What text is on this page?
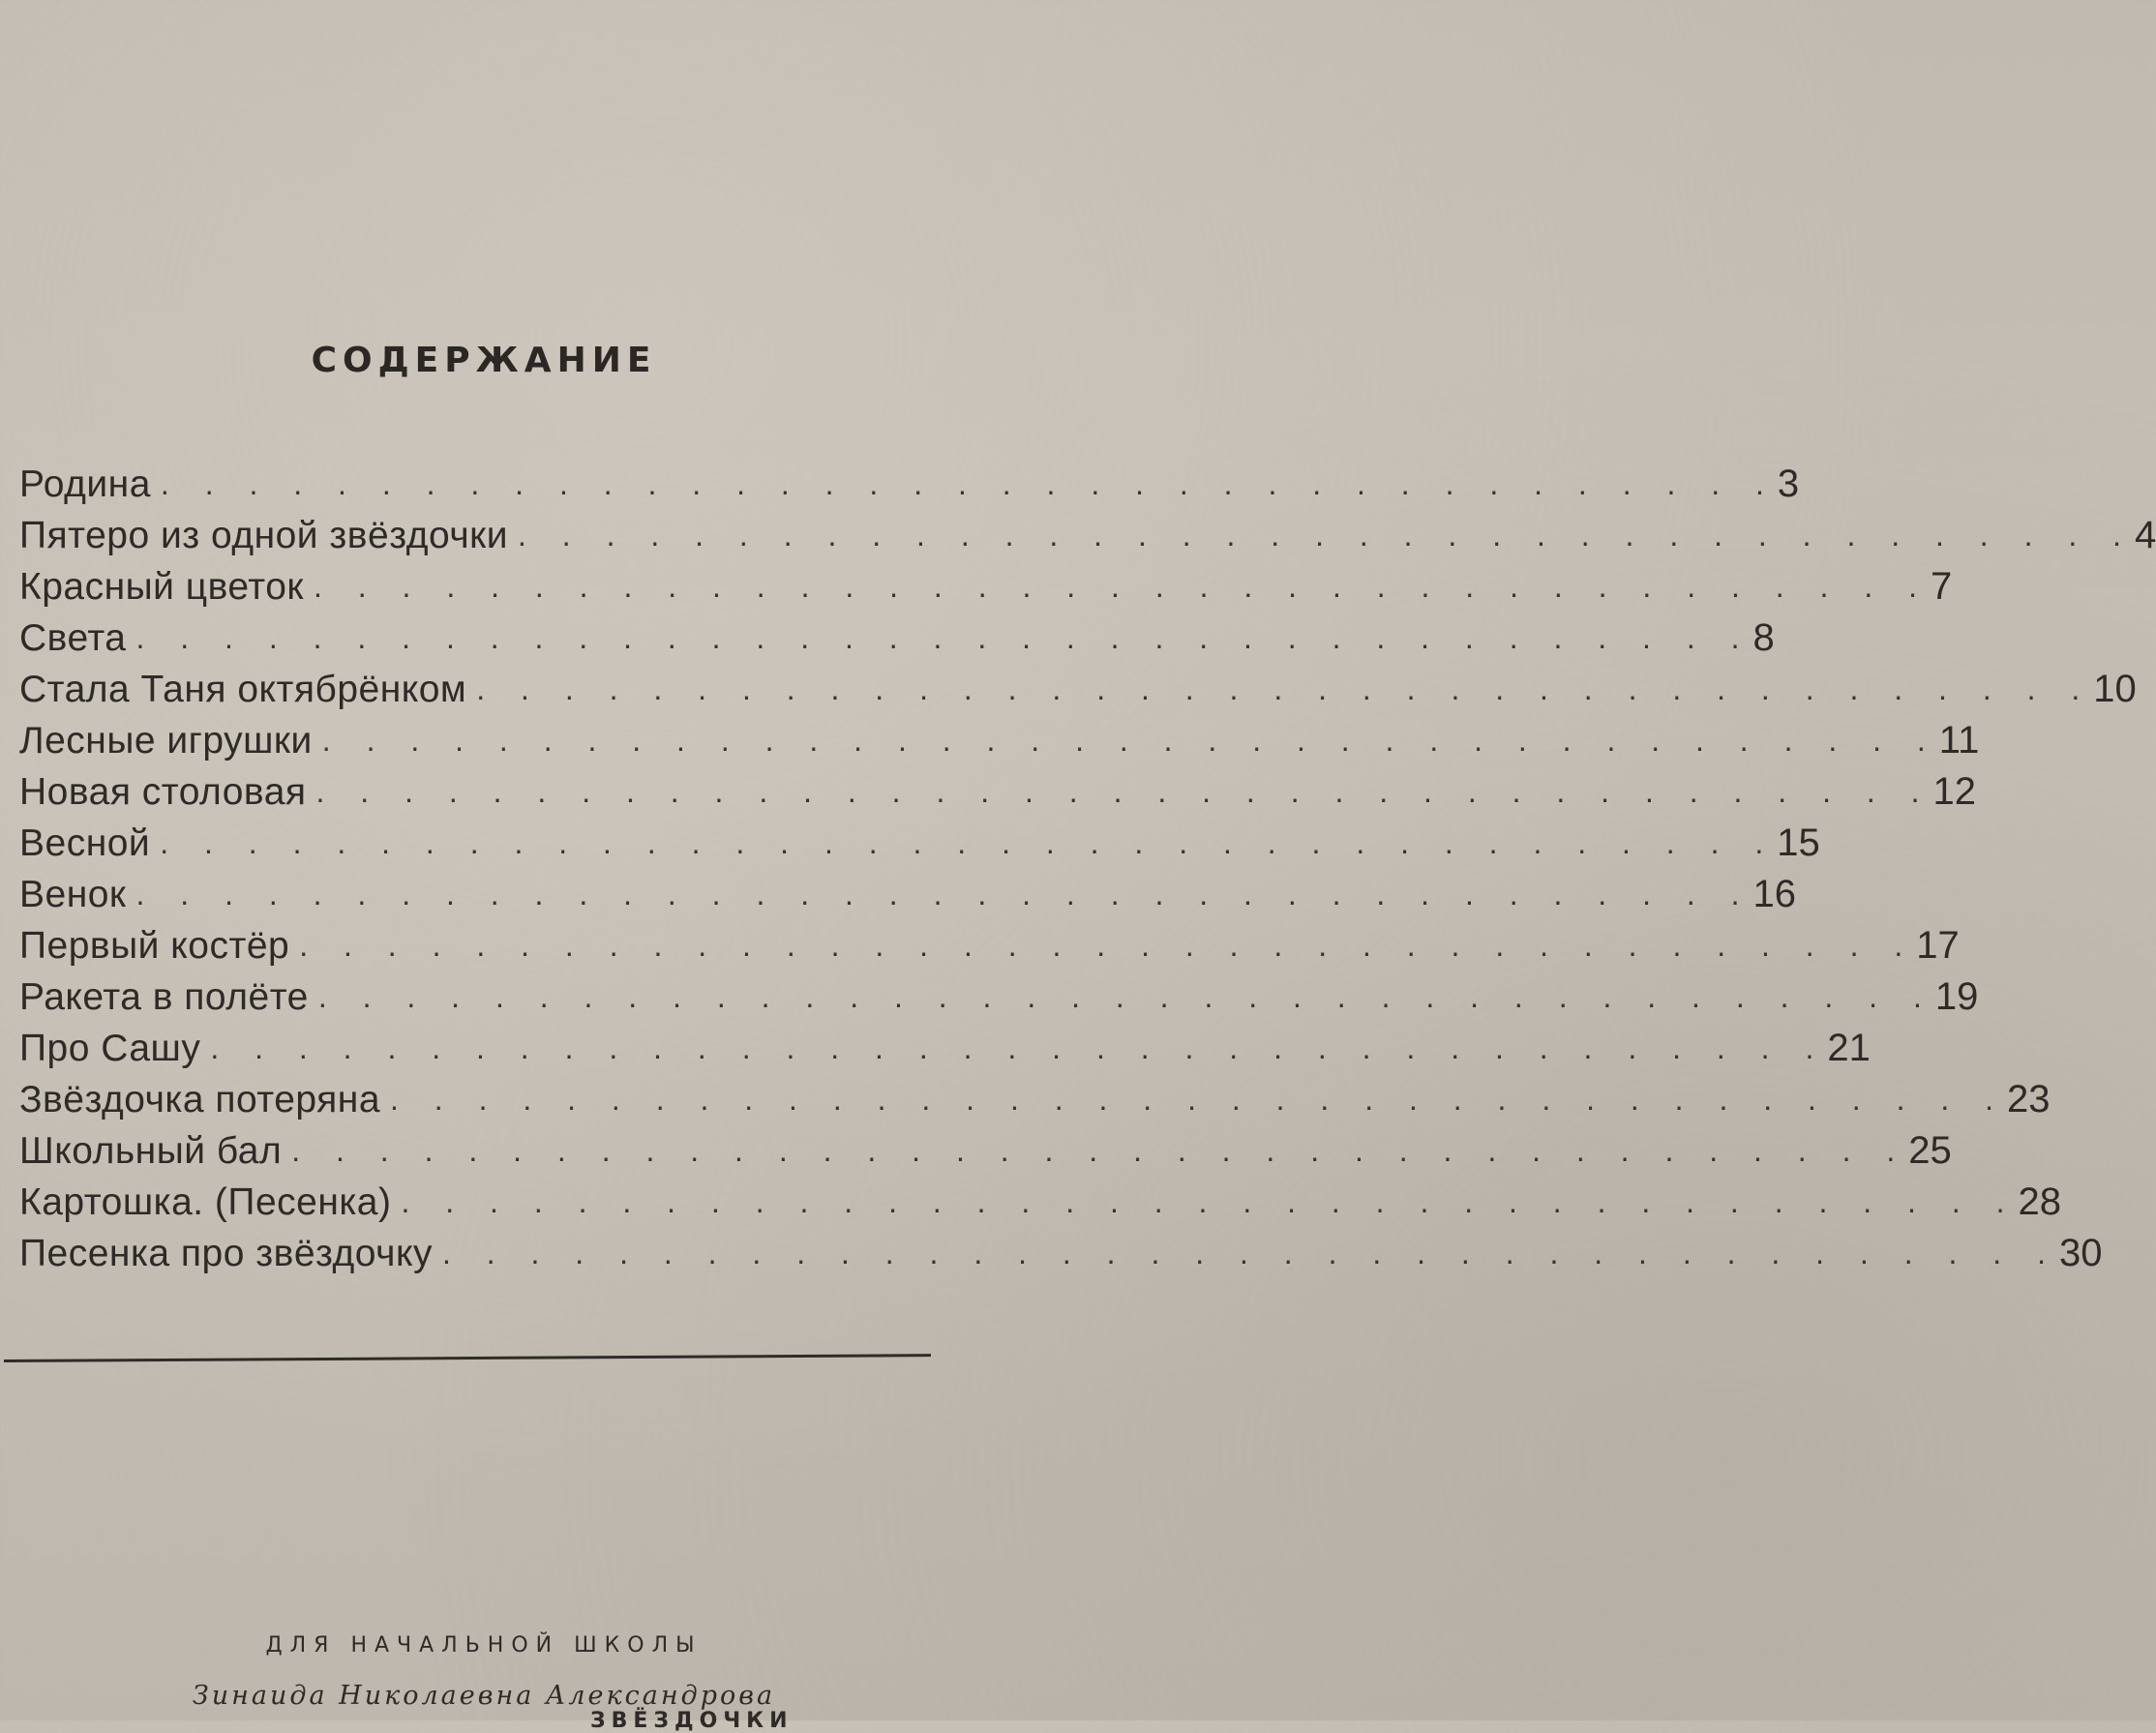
СОДЕРЖАНИЕ
Родина . . . . . . . . . . . . . . . . . . . . . . . . . . . . . . . . . . . . . 3
Пятеро из одной звёздочки . . . . . . . . . . . . . . . . . . . . . . . . . . . . . . . . . . . . . 4
Красный цветок . . . . . . . . . . . . . . . . . . . . . . . . . . . . . . . . . . . . . 7
Света . . . . . . . . . . . . . . . . . . . . . . . . . . . . . . . . . . . . . 8
Стала Таня октябрёнком . . . . . . . . . . . . . . . . . . . . . . . . . . . . . . . . . . . . . 10
Лесные игрушки . . . . . . . . . . . . . . . . . . . . . . . . . . . . . . . . . . . . . 11
Новая столовая . . . . . . . . . . . . . . . . . . . . . . . . . . . . . . . . . . . . . 12
Весной . . . . . . . . . . . . . . . . . . . . . . . . . . . . . . . . . . . . . 15
Венок . . . . . . . . . . . . . . . . . . . . . . . . . . . . . . . . . . . . . 16
Первый костёр . . . . . . . . . . . . . . . . . . . . . . . . . . . . . . . . . . . . . 17
Ракета в полёте . . . . . . . . . . . . . . . . . . . . . . . . . . . . . . . . . . . . . 19
Про Сашу . . . . . . . . . . . . . . . . . . . . . . . . . . . . . . . . . . . . . 21
Звёздочка потеряна . . . . . . . . . . . . . . . . . . . . . . . . . . . . . . . . . . . . . 23
Школьный бал . . . . . . . . . . . . . . . . . . . . . . . . . . . . . . . . . . . . . 25
Картошка. (Песенка) . . . . . . . . . . . . . . . . . . . . . . . . . . . . . . . . . . . . . 28
Песенка про звёздочку . . . . . . . . . . . . . . . . . . . . . . . . . . . . . . . . . . . . . 30
ДЛЯ НАЧАЛЬНОЙ ШКОЛЫ
Зинаида Николаевна Александрова
ЗВЁЗДОЧКИ
